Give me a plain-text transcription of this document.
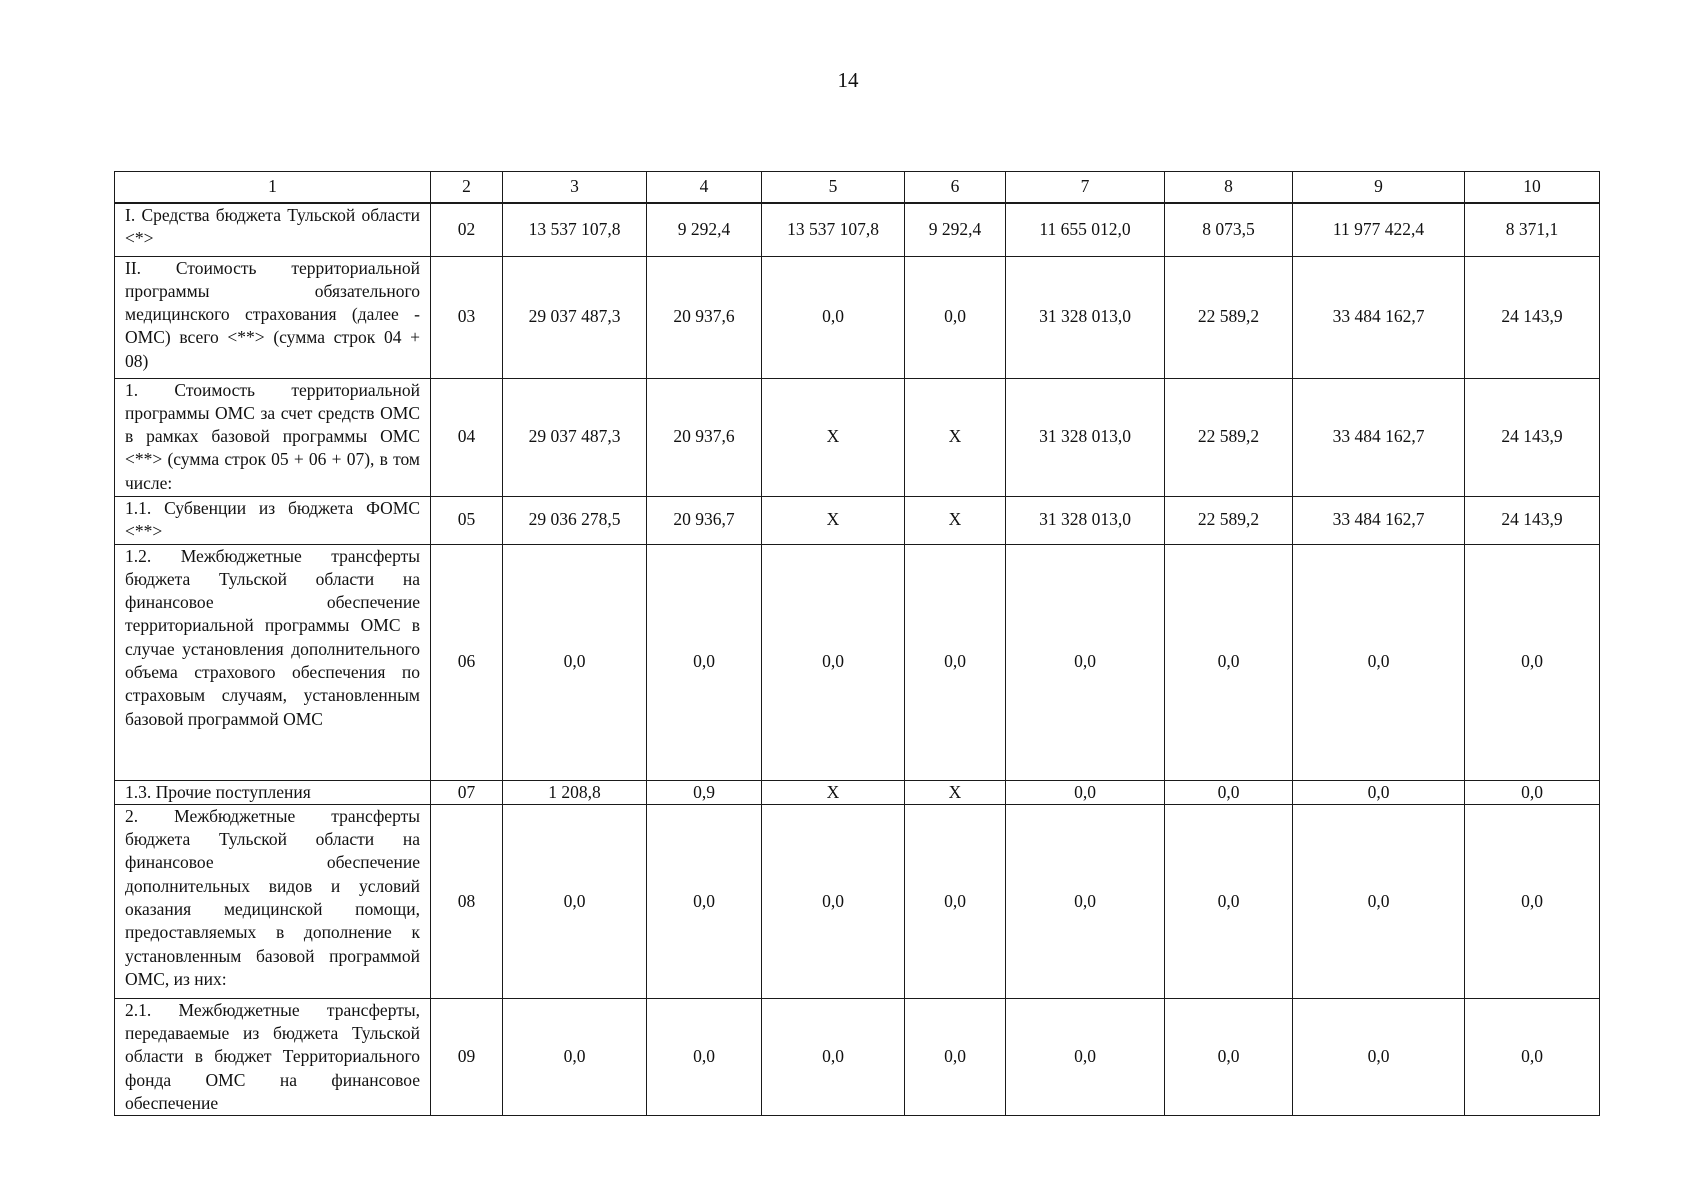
14
1	2	3	4	5	6	7	8	9	10
I. Средства бюджета Тульской области <*>	02	13 537 107,8	9 292,4	13 537 107,8	9 292,4	11 655 012,0	8 073,5	11 977 422,4	8 371,1
II. Стоимость территориальной программы обязательного медицинского страхования (далее - ОМС) всего <**> (сумма строк 04 + 08)	03	29 037 487,3	20 937,6	0,0	0,0	31 328 013,0	22 589,2	33 484 162,7	24 143,9
1. Стоимость территориальной программы ОМС за счет средств ОМС в рамках базовой программы ОМС <**> (сумма строк 05 + 06 + 07), в том числе:	04	29 037 487,3	20 937,6	X	X	31 328 013,0	22 589,2	33 484 162,7	24 143,9
1.1. Субвенции из бюджета ФОМС <**>	05	29 036 278,5	20 936,7	X	X	31 328 013,0	22 589,2	33 484 162,7	24 143,9
1.2. Межбюджетные трансферты бюджета Тульской области на финансовое обеспечение территориальной программы ОМС в случае установления дополнительного объема страхового обеспечения по страховым случаям, установленным базовой программой ОМС	06	0,0	0,0	0,0	0,0	0,0	0,0	0,0	0,0
1.3. Прочие поступления	07	1 208,8	0,9	X	X	0,0	0,0	0,0	0,0
2. Межбюджетные трансферты бюджета Тульской области на финансовое обеспечение дополнительных видов и условий оказания медицинской помощи, предоставляемых в дополнение к установленным базовой программой ОМС, из них:	08	0,0	0,0	0,0	0,0	0,0	0,0	0,0	0,0
2.1. Межбюджетные трансферты, передаваемые из бюджета Тульской области в бюджет Территориального фонда ОМС на финансовое обеспечение	09	0,0	0,0	0,0	0,0	0,0	0,0	0,0	0,0
